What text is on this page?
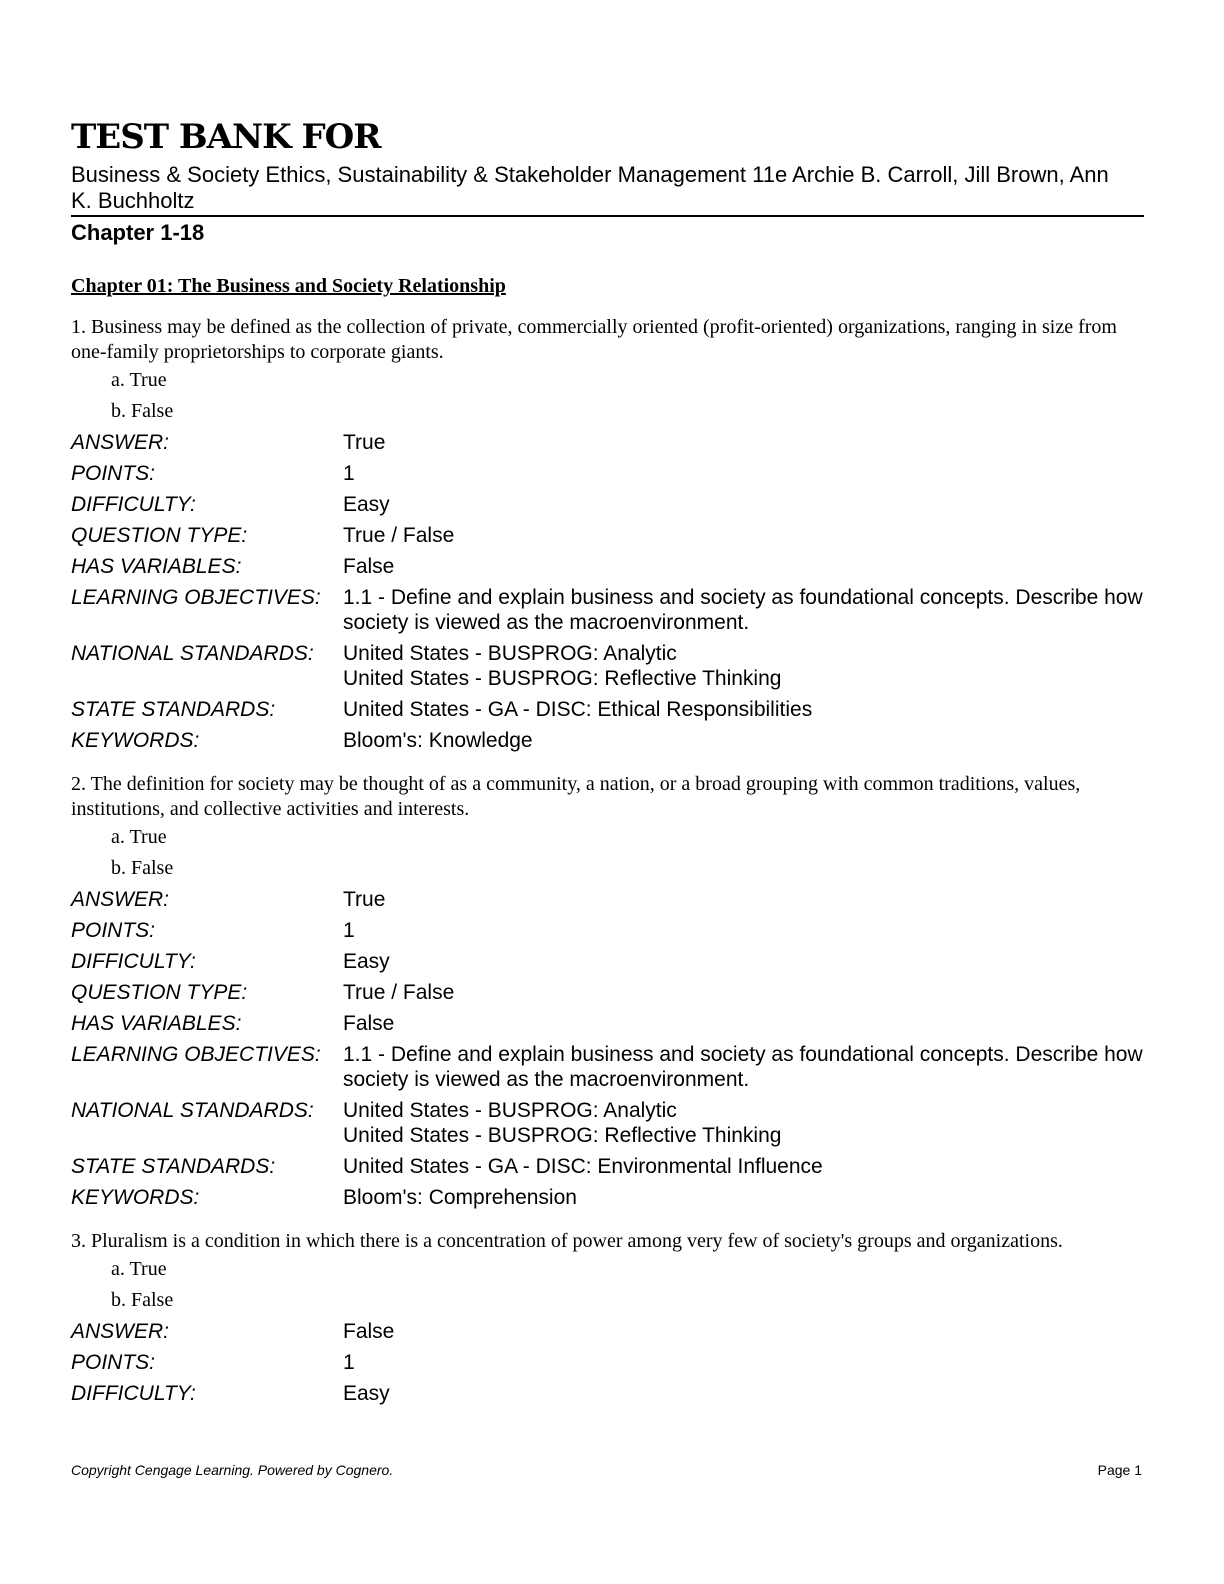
TEST BANK FOR
Business & Society Ethics, Sustainability & Stakeholder Management 11e Archie B. Carroll, Jill Brown, Ann K. Buchholtz
Chapter 1-18
Chapter 01: The Business and Society Relationship
1. Business may be defined as the collection of private, commercially oriented (profit-oriented) organizations, ranging in size from one-family proprietorships to corporate giants.
a. True
b. False
ANSWER:	True
POINTS:	1
DIFFICULTY:	Easy
QUESTION TYPE:	True / False
HAS VARIABLES:	False
LEARNING OBJECTIVES:	1.1 - Define and explain business and society as foundational concepts. Describe how society is viewed as the macroenvironment.
NATIONAL STANDARDS:	United States - BUSPROG: Analytic
United States - BUSPROG: Reflective Thinking
STATE STANDARDS:	United States - GA - DISC: Ethical Responsibilities
KEYWORDS:	Bloom's: Knowledge
2. The definition for society may be thought of as a community, a nation, or a broad grouping with common traditions, values, institutions, and collective activities and interests.
a. True
b. False
ANSWER:	True
POINTS:	1
DIFFICULTY:	Easy
QUESTION TYPE:	True / False
HAS VARIABLES:	False
LEARNING OBJECTIVES:	1.1 - Define and explain business and society as foundational concepts. Describe how society is viewed as the macroenvironment.
NATIONAL STANDARDS:	United States - BUSPROG: Analytic
United States - BUSPROG: Reflective Thinking
STATE STANDARDS:	United States - GA - DISC: Environmental Influence
KEYWORDS:	Bloom's: Comprehension
3. Pluralism is a condition in which there is a concentration of power among very few of society's groups and organizations.
a. True
b. False
ANSWER:	False
POINTS:	1
DIFFICULTY:	Easy
Copyright Cengage Learning. Powered by Cognero.	Page 1
